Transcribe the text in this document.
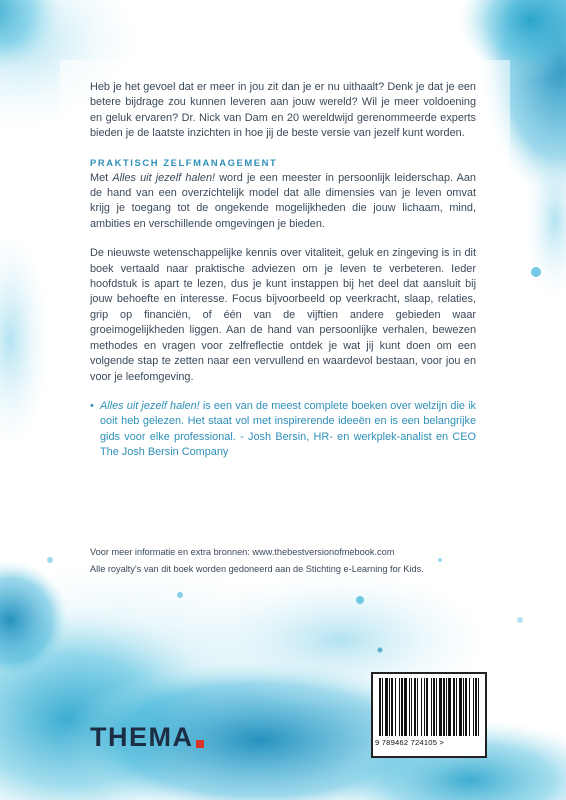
Heb je het gevoel dat er meer in jou zit dan je er nu uithaalt? Denk je dat je een betere bijdrage zou kunnen leveren aan jouw wereld? Wil je meer voldoening en geluk ervaren? Dr. Nick van Dam en 20 wereldwijd gerenommeerde experts bieden je de laatste inzichten in hoe jij de beste versie van jezelf kunt worden.

PRAKTISCH ZELFMANAGEMENT

Met Alles uit jezelf halen! word je een meester in persoonlijk leiderschap. Aan de hand van een overzichtelijk model dat alle dimensies van je leven omvat krijg je toegang tot de ongekende mogelijkheden die jouw lichaam, mind, ambities en verschillende omgevingen je bieden.

De nieuwste wetenschappelijke kennis over vitaliteit, geluk en zingeving is in dit boek vertaald naar praktische adviezen om je leven te verbeteren. Ieder hoofdstuk is apart te lezen, dus je kunt instappen bij het deel dat aansluit bij jouw behoefte en interesse. Focus bijvoorbeeld op veerkracht, slaap, relaties, grip op financiën, of één van de vijftien andere gebieden waar groeimogelijkheden liggen. Aan de hand van persoonlijke verhalen, bewezen methodes en vragen voor zelfreflectie ontdek je wat jij kunt doen om een volgende stap te zetten naar een vervullend en waardevol bestaan, voor jou en voor je leefomgeving.

• Alles uit jezelf halen! is een van de meest complete boeken over welzijn die ik ooit heb gelezen. Het staat vol met inspirerende ideeën en is een belangrijke gids voor elke professional. - Josh Bersin, HR- en werkplek-analist en CEO The Josh Bersin Company

Voor meer informatie en extra bronnen: www.thebestversionofmebook.com
Alle royalty's van dit boek worden gedoneerd aan de Stichting e-Learning for Kids.
THEMA	9 789462 724105 >
